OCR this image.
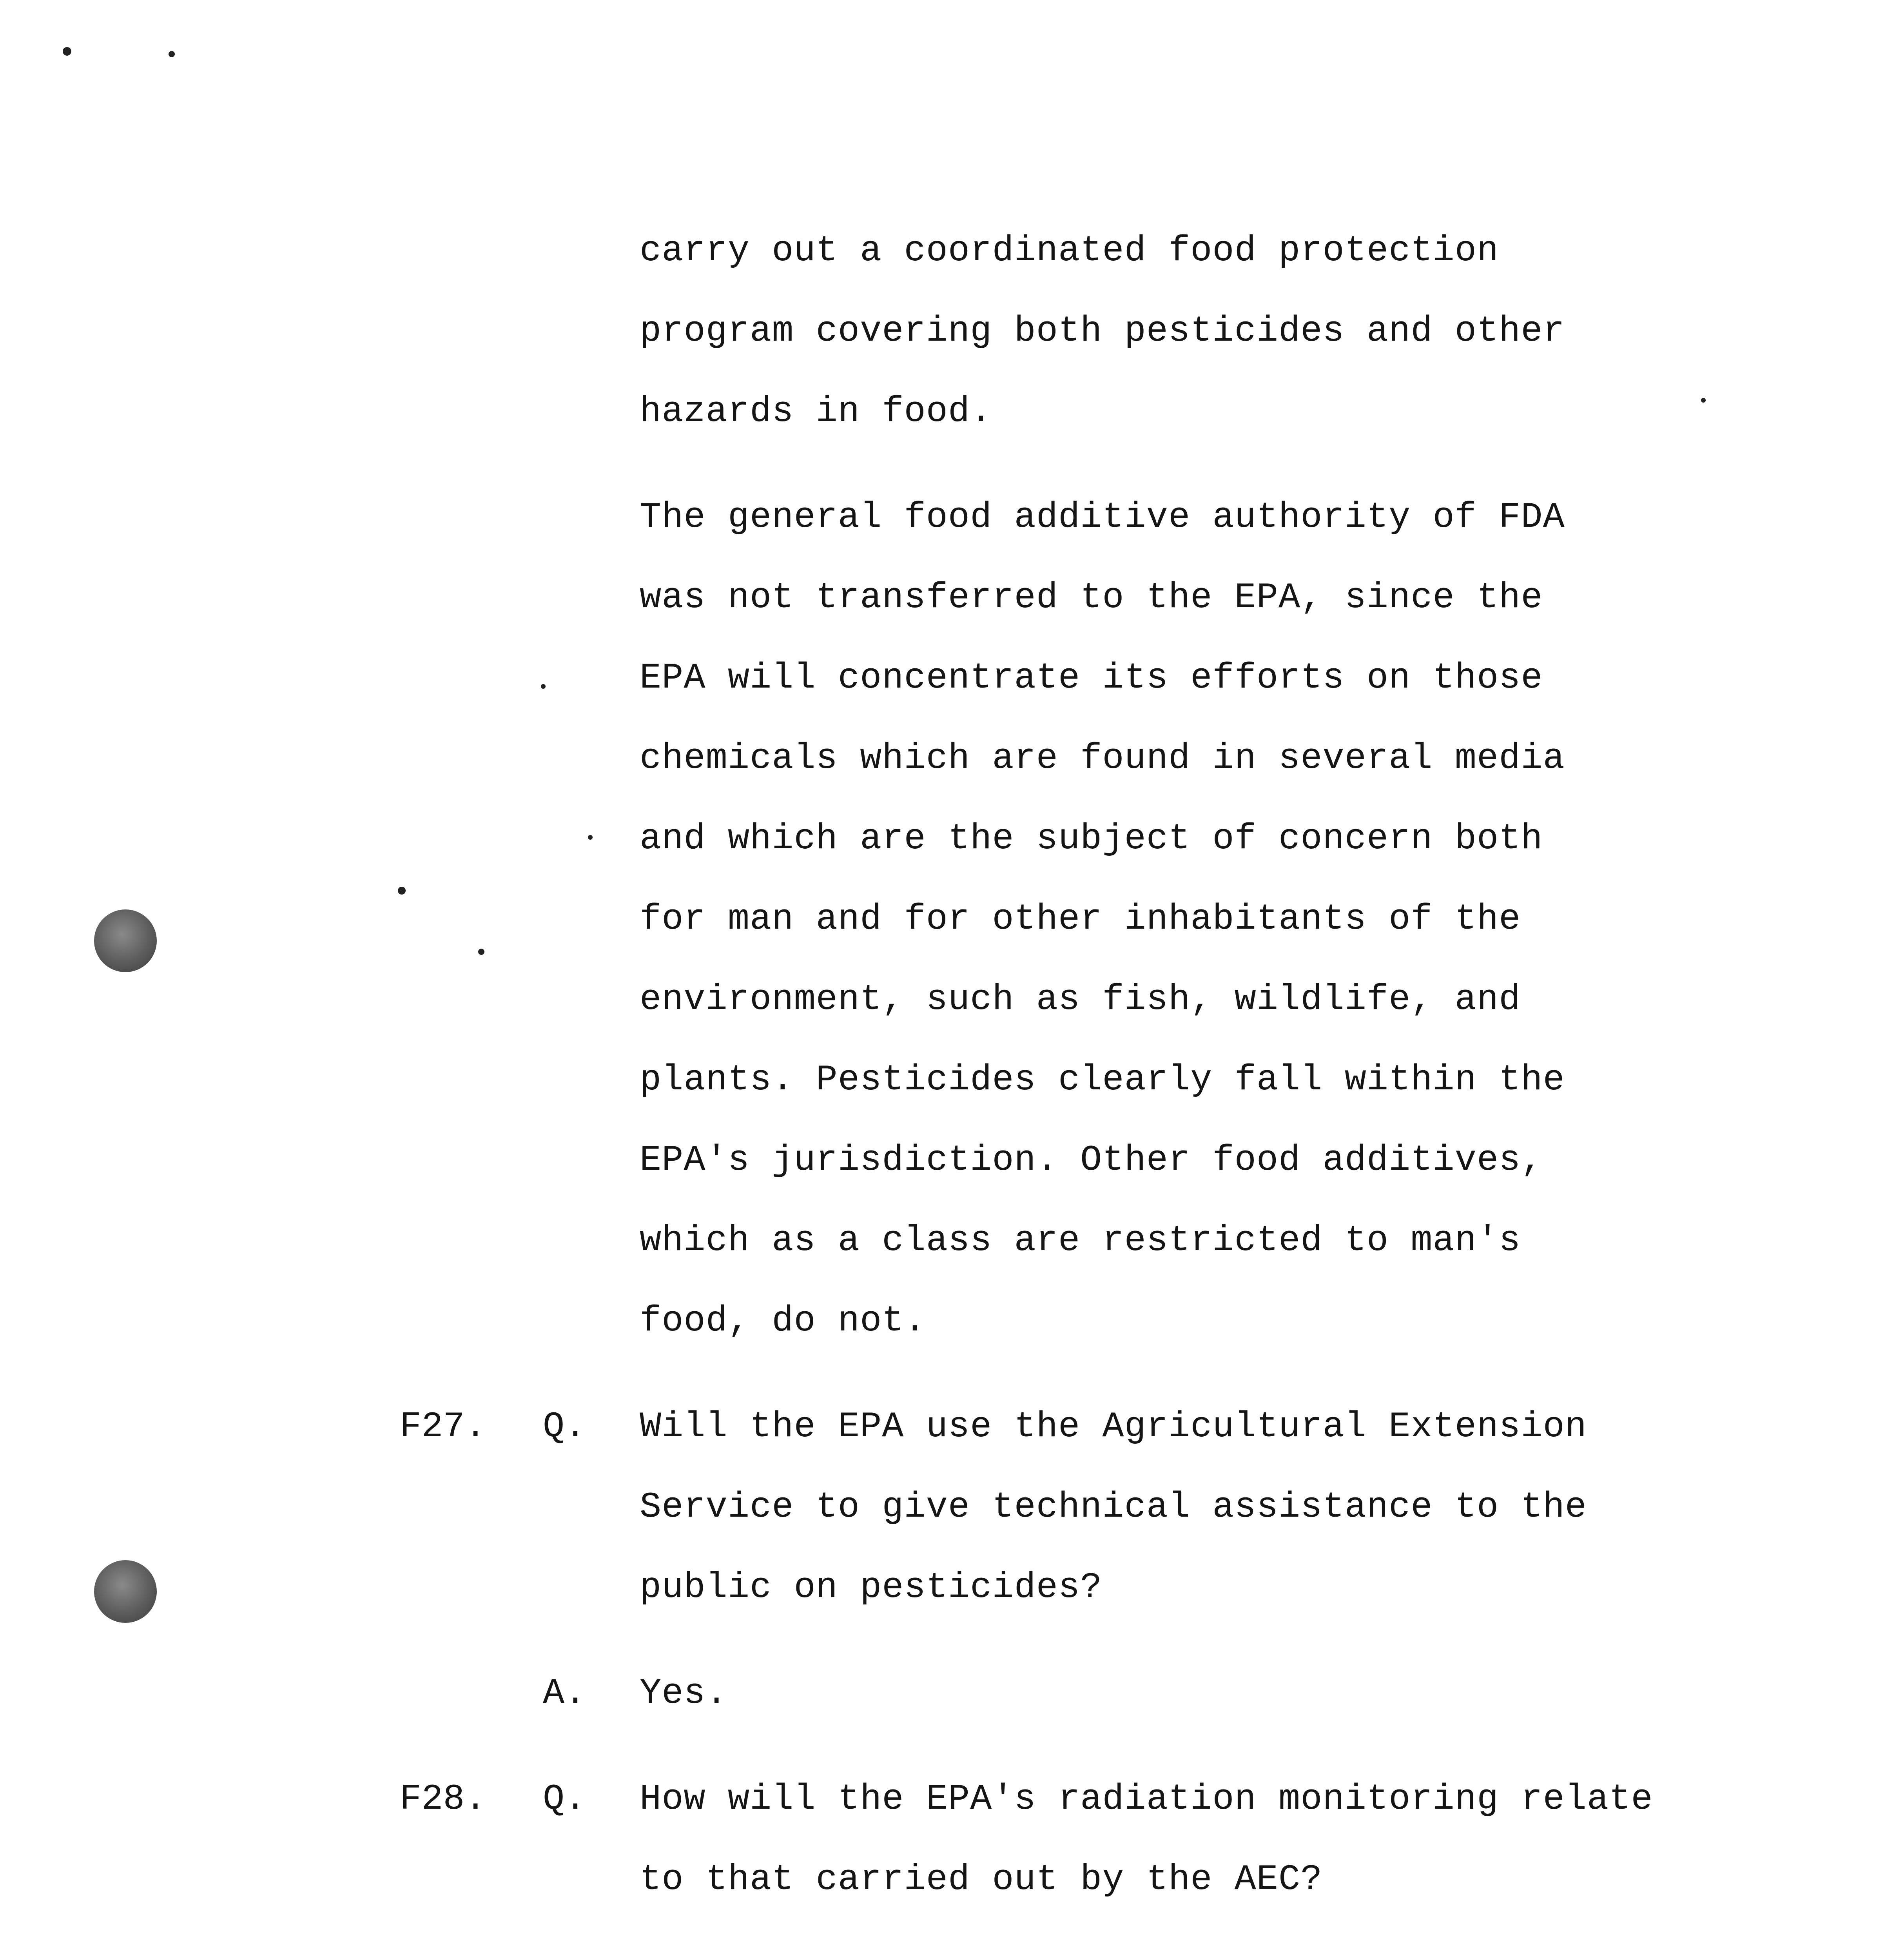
carry out a coordinated food protection
program covering both pesticides and other
hazards in food.
The general food additive authority of FDA
was not transferred to the EPA, since the
EPA will concentrate its efforts on those
chemicals which are found in several media
and which are the subject of concern both
for man and for other inhabitants of the
environment, such as fish, wildlife, and
plants. Pesticides clearly fall within the
EPA's jurisdiction. Other food additives,
which as a class are restricted to man's
food, do not.
F27. Q. Will the EPA use the Agricultural Extension
Service to give technical assistance to the
public on pesticides?
A. Yes.
F28. Q. How will the EPA's radiation monitoring relate
to that carried out by the AEC?
